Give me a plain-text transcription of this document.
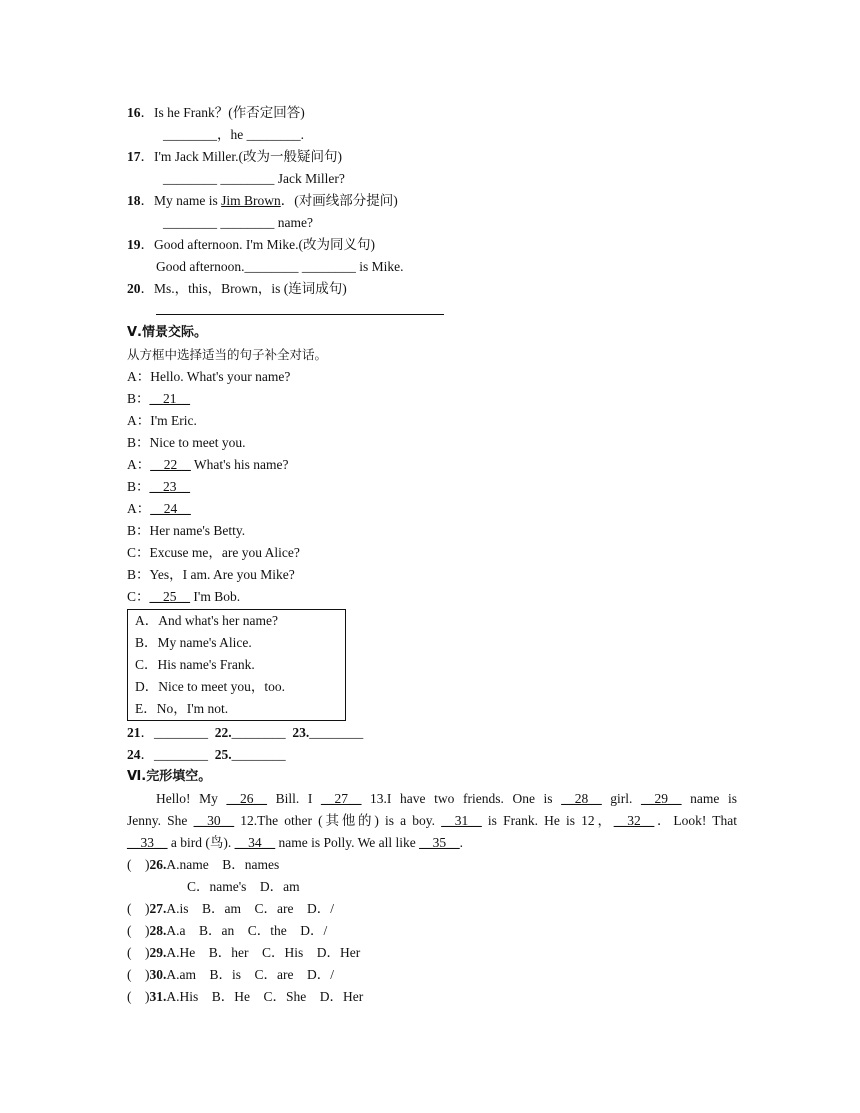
16．Is he Frank？(作否定回答)
________，he ________.
17．I'm Jack Miller.(改为一般疑问句)
________ ________ Jack Miller?
18．My name is Jim Brown．(对画线部分提问)
________ ________ name?
19．Good afternoon. I'm Mike.(改为同义句)
Good afternoon.________ ________ is Mike.
20．Ms.，this，Brown，is (连词成句)
Ⅴ.情景交际。
从方框中选择适当的句子补全对话。
A：Hello. What's your name?
B：__21__
A：I'm Eric.
B：Nice to meet you.
A：__22__ What's his name?
B：__23__
A：__24__
B：Her name's Betty.
C：Excuse me，are you Alice?
B：Yes，I am. Are you Mike?
C：__25__ I'm Bob.
A．And what's her name?
B．My name's Alice.
C．His name's Frank.
D．Nice to meet you，too.
E．No，I'm not.
21．________ 22.________ 23.________
24．________ 25.________
Ⅵ.完形填空。
Hello! My __26__ Bill. I __27__ 13.I have two friends. One is __28__ girl. __29__ name is
Jenny. She __30__ 12.The other (其他的) is a boy. __31__ is Frank. He is 12，__32__．Look! That
__33__ a bird (鸟). __34__ name is Polly. We all like __35__.
(　)26.A.name　B．names
C．name's　D．am
(　)27.A.is　B．am　C．are　D．/
(　)28.A.a　B．an　C．the　D．/
(　)29.A.He　B．her　C．His　D．Her
(　)30.A.am　B．is　C．are　D．/
(　)31.A.His　B．He　C．She　D．Her
